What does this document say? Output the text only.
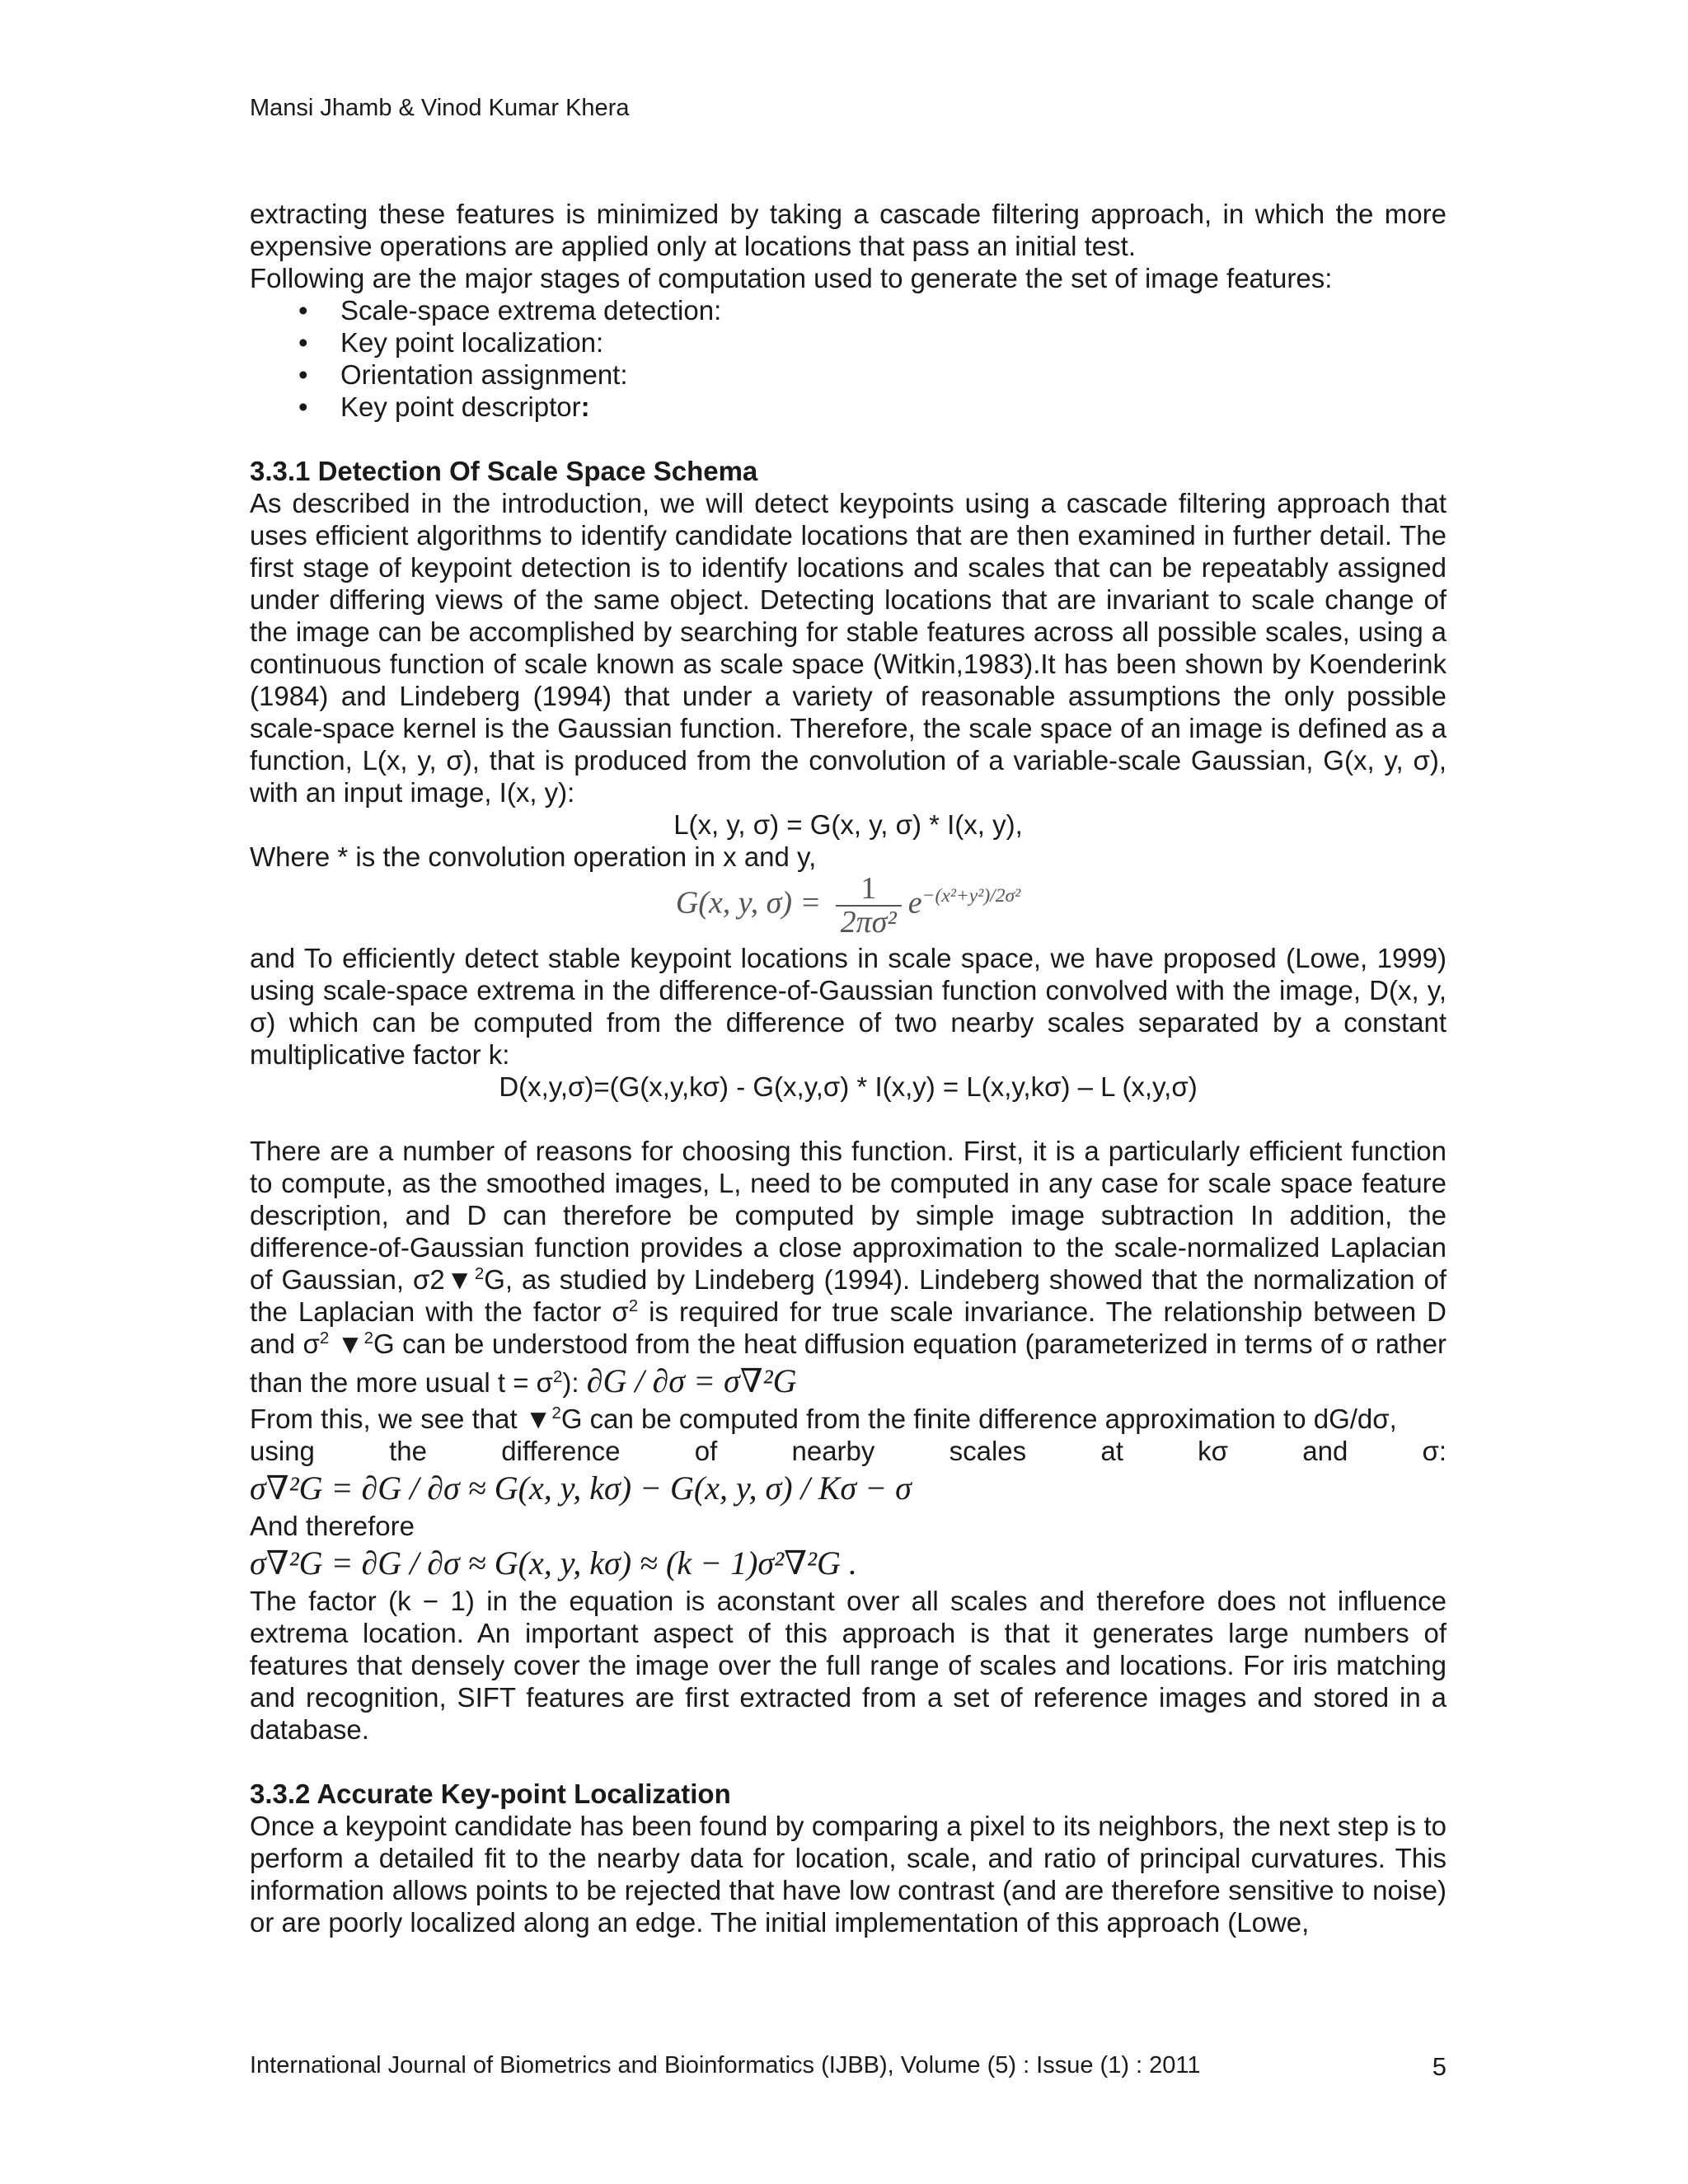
Mansi Jhamb & Vinod Kumar Khera

extracting these features is minimized by taking a cascade filtering approach, in which the more expensive operations are applied only at locations that pass an initial test.

Following are the major stages of computation used to generate the set of image features:

• Scale-space extrema detection:
• Key point localization:
• Orientation assignment:
• Key point descriptor:
3.3.1 Detection Of Scale Space Schema

As described in the introduction, we will detect keypoints using a cascade filtering approach that uses efficient algorithms to identify candidate locations that are then examined in further detail. The first stage of keypoint detection is to identify locations and scales that can be repeatably assigned under differing views of the same object. Detecting locations that are invariant to scale change of the image can be accomplished by searching for stable features across all possible scales, using a continuous function of scale known as scale space (Witkin,1983).It has been shown by Koenderink (1984) and Lindeberg (1994) that under a variety of reasonable assumptions the only possible scale-space kernel is the Gaussian function. Therefore, the scale space of an image is defined as a function, L(x, y, σ), that is produced from the convolution of a variable-scale Gaussian, G(x, y, σ), with an input image, I(x, y):

L(x, y, σ) = G(x, y, σ) * I(x, y),

Where * is the convolution operation in x and y,

G(x, y, $\sigma) = \frac{1}{\text{2πσ²}} e^{-(x^2+y^2)/2\sigma^2}$

and To efficiently detect stable keypoint locations in scale space, we have proposed (Lowe, 1999) using scale-space extrema in the difference-of-Gaussian function convolved with the image, D(x, y, σ) which can be computed from the difference of two nearby scales separated by a constant multiplicative factor k:

D(x,y,σ)=(G(x,y,kσ) - G(x,y,σ) * I(x,y) = L(x,y,kσ) – L (x,y,σ)

There are a number of reasons for choosing this function. First, it is a particularly efficient function to compute, as the smoothed images, L, need to be computed in any case for scale space feature description, and D can therefore be computed by simple image subtraction In addition, the difference-of-Gaussian function provides a close approximation to the scale-normalized Laplacian of Gaussian, σ2▼$^2$G, as studied by Lindeberg (1994). Lindeberg showed that the normalization of the Laplacian with the factor $\sigma^2$ is required for true scale invariance. The relationship between D and $\sigma^2$ ▼$^2$G can be understood from the heat diffusion equation (parameterized in terms of σ rather than the more usual $t = \sigma^2$): ∂G / ∂σ = σ∇²G

From this, we see that ▼$^2$G can be computed from the finite difference approximation to dG/dσ,

using	the	difference	of	nearby	scales	at	kσ	and	σ:

σ∇²G = ∂G / ∂σ ≈ G(x, y, kσ) − G(x, y, σ) / Kσ − σ

And therefore

σ∇²G = ∂G / ∂σ ≈ G(x, y, kσ) ≈ (k − 1)σ²∇²G .

The factor (k − 1) in the equation is aconstant over all scales and therefore does not influence extrema location. An important aspect of this approach is that it generates large numbers of features that densely cover the image over the full range of scales and locations. For iris matching and recognition, SIFT features are first extracted from a set of reference images and stored in a database.

3.3.2 Accurate Key-point Localization

Once a keypoint candidate has been found by comparing a pixel to its neighbors, the next step is to perform a detailed fit to the nearby data for location, scale, and ratio of principal curvatures. This information allows points to be rejected that have low contrast (and are therefore sensitive to noise) or are poorly localized along an edge. The initial implementation of this approach (Lowe,

International Journal of Biometrics and Bioinformatics (IJBB), Volume (5) : Issue (1) : 2011	5
